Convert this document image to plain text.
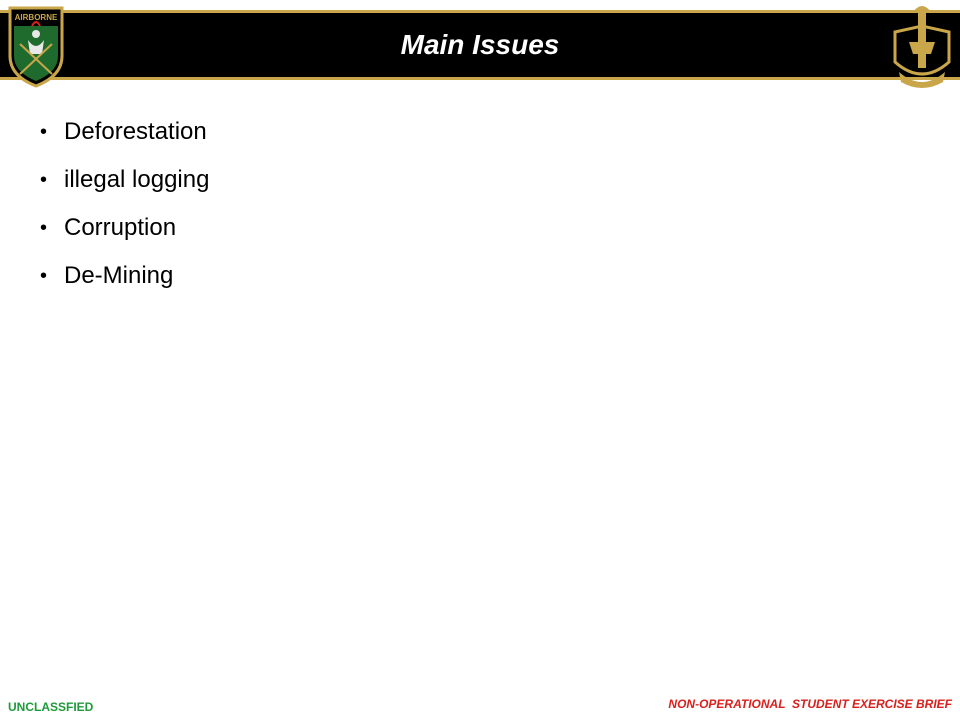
Main Issues
AIRBORNE
• Deforestation
• illegal logging
• Corruption
• De-Mining
UNCLASSFIED	NON-OPERATIONAL  STUDENT EXERCISE BRIEF
